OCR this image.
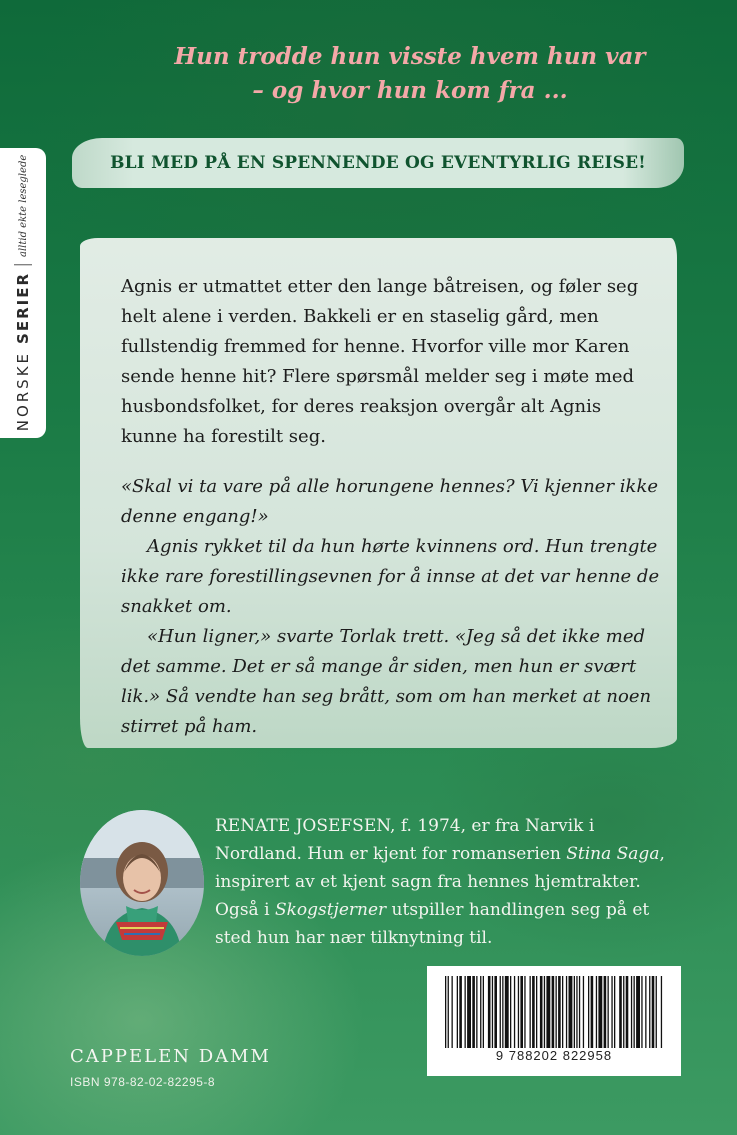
NORSKE
SERIER
alltid ekte leseglede
Hun trodde hun visste hvem hun var
– og hvor hun kom fra ...
BLI MED PÅ EN SPENNENDE OG EVENTYRLIG REISE!

Agnis er utmattet etter den lange båtreisen, og føler seg helt alene i verden. Bakkeli er en staselig gård, men fullstendig fremmed for henne. Hvorfor ville mor Karen sende henne hit? Flere spørsmål melder seg i møte med husbondsfolket, for deres reaksjon overgår alt Agnis kunne ha forestilt seg.

«Skal vi ta vare på alle horungene hennes? Vi kjenner ikke denne engang!»

Agnis rykket til da hun hørte kvinnens ord. Hun trengte ikke rare forestillingsevnen for å innse at det var henne de snakket om.

«Hun ligner,» svarte Torlak trett. «Jeg så det ikke med det samme. Det er så mange år siden, men hun er svært lik.» Så vendte han seg brått, som om han merket at noen stirret på ham.

RENATE JOSEFSEN, f. 1974, er fra Narvik i Nordland. Hun er kjent for romanserien Stina Saga, inspirert av et kjent sagn fra hennes hjemtrakter. Også i Skogstjerner utspiller handlingen seg på et sted hun har nær tilknytning til.
9 788202 822958
CAPPELEN DAMM
ISBN 978-82-02-82295-8
